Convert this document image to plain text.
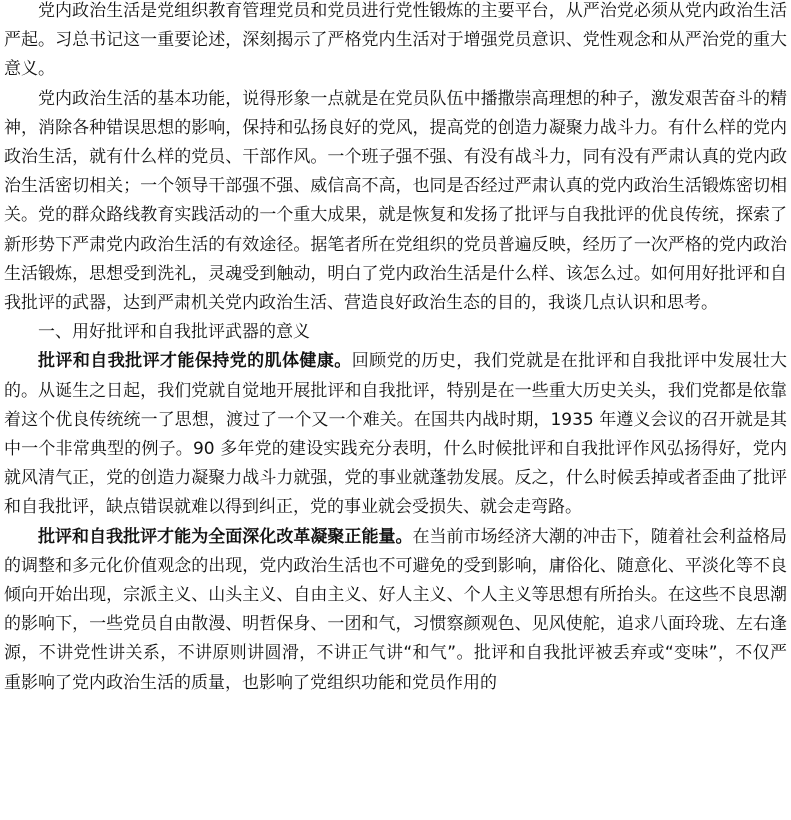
党内政治生活是党组织教育管理党员和党员进行党性锻炼的主要平台，从严治党必须从党内政治生活严起。习总书记这一重要论述，深刻揭示了严格党内生活对于增强党员意识、党性观念和从严治党的重大意义。

党内政治生活的基本功能，说得形象一点就是在党员队伍中播撒崇高理想的种子，激发艰苦奋斗的精神，消除各种错误思想的影响，保持和弘扬良好的党风，提高党的创造力凝聚力战斗力。有什么样的党内政治生活，就有什么样的党员、干部作风。一个班子强不强、有没有战斗力，同有没有严肃认真的党内政治生活密切相关；一个领导干部强不强、威信高不高，也同是否经过严肃认真的党内政治生活锻炼密切相关。党的群众路线教育实践活动的一个重大成果，就是恢复和发扬了批评与自我批评的优良传统，探索了新形势下严肃党内政治生活的有效途径。据笔者所在党组织的党员普遍反映，经历了一次严格的党内政治生活锻炼，思想受到洗礼，灵魂受到触动，明白了党内政治生活是什么样、该怎么过。如何用好批评和自我批评的武器，达到严肃机关党内政治生活、营造良好政治生态的目的，我谈几点认识和思考。

一、用好批评和自我批评武器的意义

批评和自我批评才能保持党的肌体健康。回顾党的历史，我们党就是在批评和自我批评中发展壮大的。从诞生之日起，我们党就自觉地开展批评和自我批评，特别是在一些重大历史关头，我们党都是依靠着这个优良传统统一了思想，渡过了一个又一个难关。在国共内战时期，1935 年遵义会议的召开就是其中一个非常典型的例子。90 多年党的建设实践充分表明，什么时候批评和自我批评作风弘扬得好，党内就风清气正，党的创造力凝聚力战斗力就强，党的事业就蓬勃发展。反之，什么时候丢掉或者歪曲了批评和自我批评，缺点错误就难以得到纠正，党的事业就会受损失、就会走弯路。

批评和自我批评才能为全面深化改革凝聚正能量。在当前市场经济大潮的冲击下，随着社会利益格局的调整和多元化价值观念的出现，党内政治生活也不可避免的受到影响，庸俗化、随意化、平淡化等不良倾向开始出现，宗派主义、山头主义、自由主义、好人主义、个人主义等思想有所抬头。在这些不良思潮的影响下，一些党员自由散漫、明哲保身、一团和气，习惯察颜观色、见风使舵，追求八面玲珑、左右逢源，不讲党性讲关系，不讲原则讲圆滑，不讲正气讲“和气”。批评和自我批评被丢弃或“变味”，不仅严重影响了党内政治生活的质量，也影响了党组织功能和党员作用的
